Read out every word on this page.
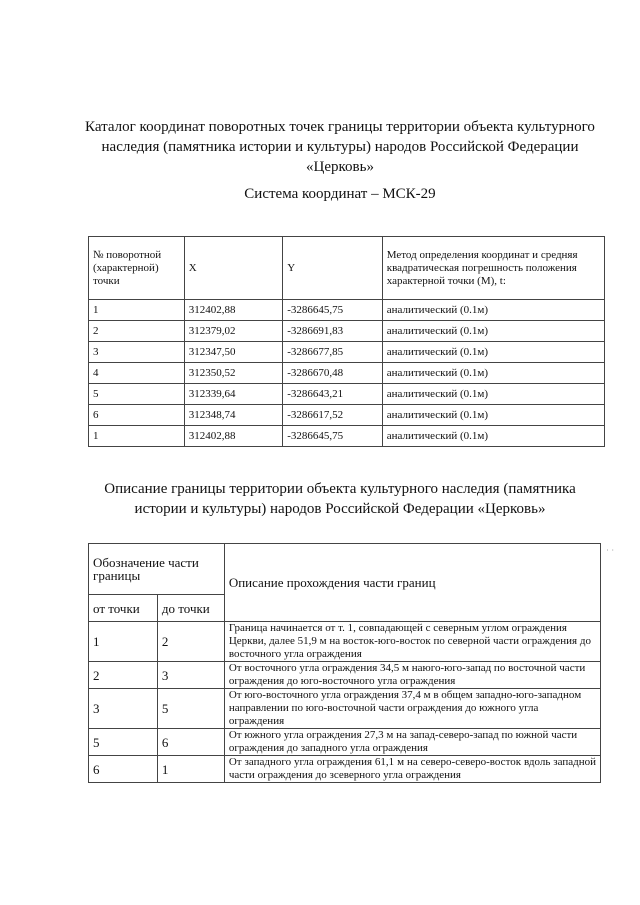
Каталог координат поворотных точек границы территории объекта культурного наследия (памятника истории и культуры) народов Российской Федерации «Церковь»
Система координат – МСК-29
№ поворотной (характерной) точки	X	Y	Метод определения координат и средняя квадратическая погрешность положения характерной точки (М), t:
1	312402,88	-3286645,75	аналитический (0.1м)
2	312379,02	-3286691,83	аналитический (0.1м)
3	312347,50	-3286677,85	аналитический (0.1м)
4	312350,52	-3286670,48	аналитический (0.1м)
5	312339,64	-3286643,21	аналитический (0.1м)
6	312348,74	-3286617,52	аналитический (0.1м)
1	312402,88	-3286645,75	аналитический (0.1м)
Описание границы территории объекта культурного наследия (памятника истории и культуры) народов Российской Федерации «Церковь»
Обозначение части границы		Описание прохождения части границ
от точки	до точки	
1	2	Граница начинается от т. 1, совпадающей с северным углом ограждения Церкви, далее 51,9 м на восток-юго-восток по северной части ограждения до восточного угла ограждения
2	3	От восточного угла ограждения 34,5 м наюго-юго-запад по восточной части ограждения до юго-восточного угла ограждения
3	5	От юго-восточного угла ограждения 37,4 м в общем западно-юго-западном направлении по юго-восточной части ограждения до южного угла ограждения
5	6	От южного угла ограждения 27,3 м на запад-северо-запад по южной части ограждения до западного угла ограждения
6	1	От западного угла ограждения 61,1 м на северо-северо-восток вдоль западной части ограждения до зсеверного угла ограждения
˙ ˙
